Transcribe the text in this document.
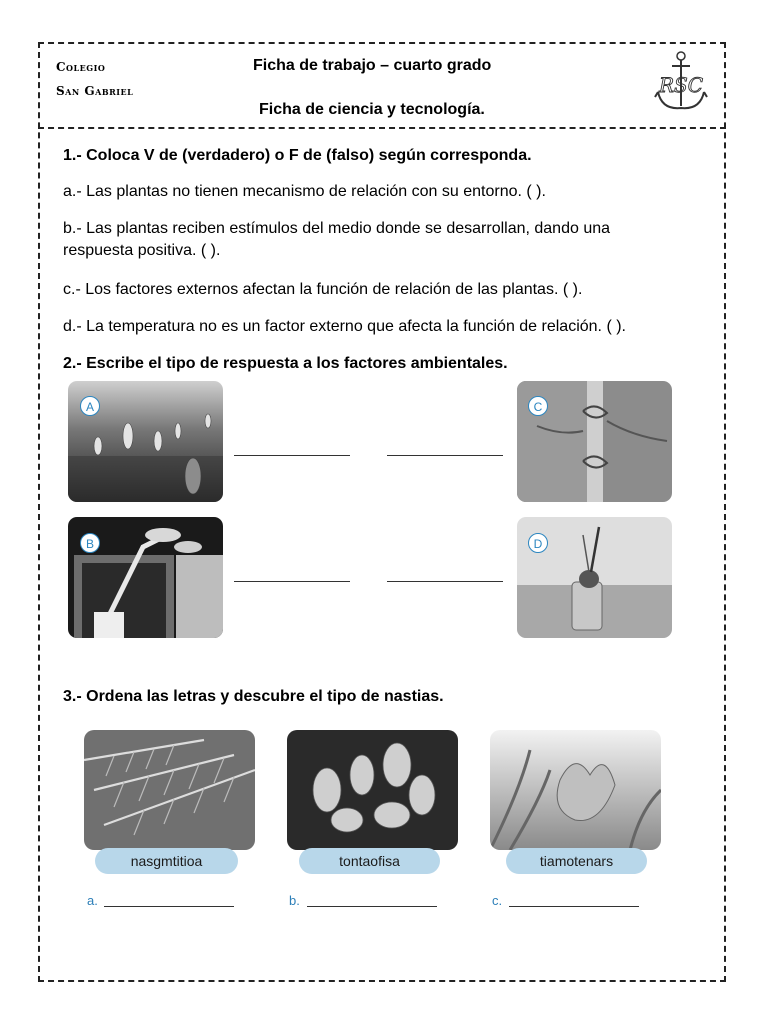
Colegio
San Gabriel
Ficha de trabajo – cuarto grado
Ficha de ciencia y tecnología.
RSC
1.- Coloca V de (verdadero) o F de (falso) según corresponda.
a.- Las plantas no tienen mecanismo de relación con su entorno. ( ).
b.- Las plantas reciben estímulos del medio donde se desarrollan, dando una respuesta positiva. ( ).
c.- Los factores externos afectan la función de relación de las plantas. ( ).
d.- La temperatura no es un factor externo que afecta la función de relación. ( ).
2.- Escribe el tipo de respuesta a los factores ambientales.
A
B
C
D
3.- Ordena las letras y descubre el tipo de nastias.
nasgmtitioa	tontaofisa	tiamotenars
a.	b.	c.
